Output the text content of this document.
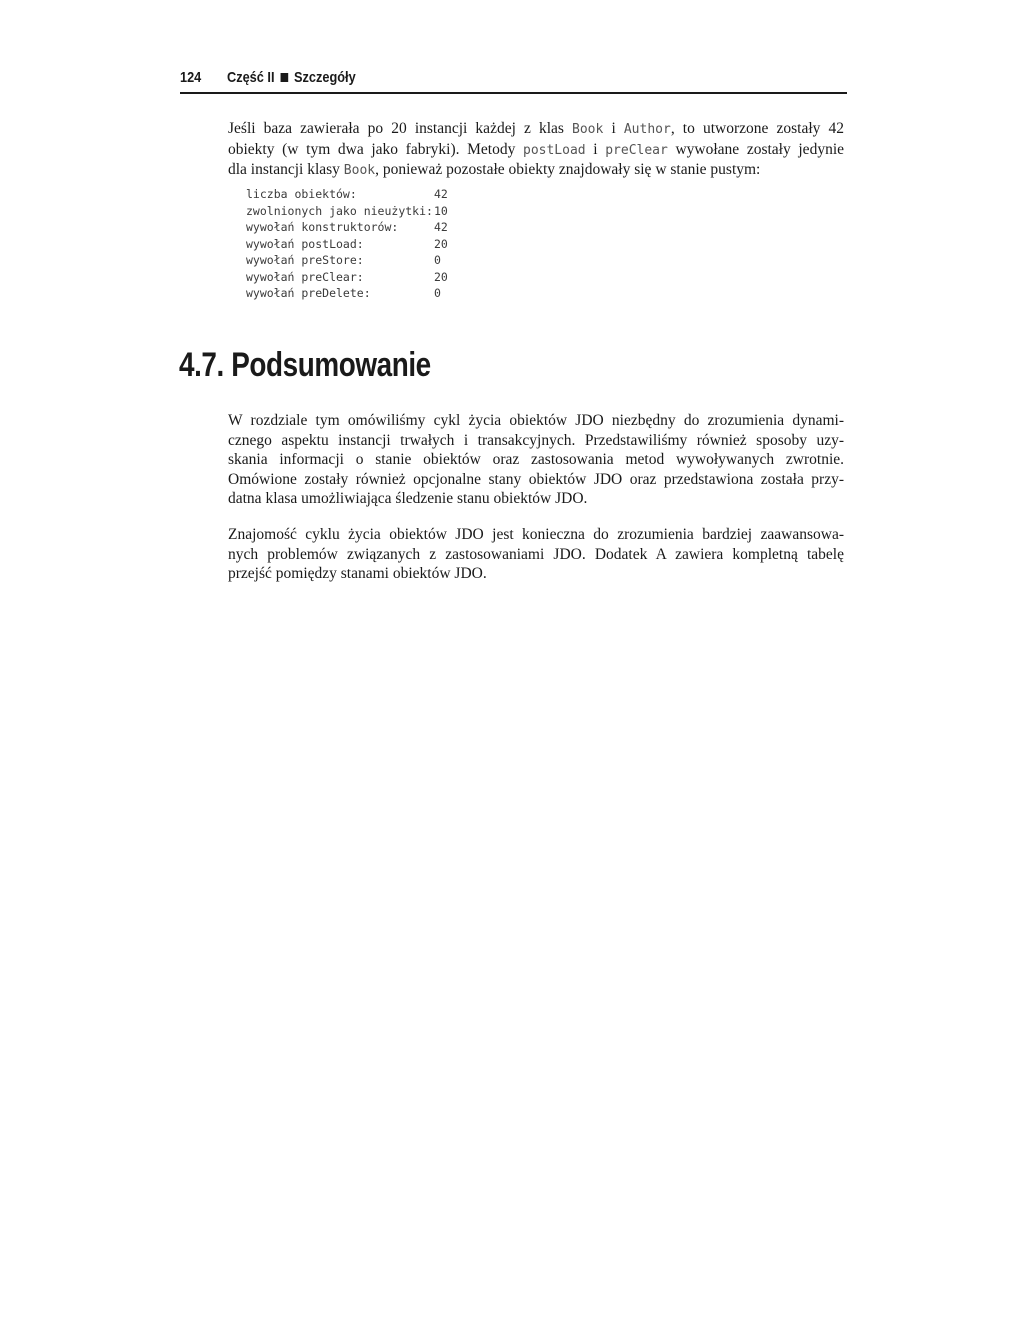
124	Część II Szczegóły
Jeśli baza zawierała po 20 instancji każdej z klas Book i Author, to utworzone zostały 42
obiekty (w tym dwa jako fabryki). Metody postLoad i preClear wywołane zostały jedynie
dla instancji klasy Book, ponieważ pozostałe obiekty znajdowały się w stanie pustym:
liczba obiektów:	42
zwolnionych jako nieużytki: 10
wywołań konstruktorów:	42
wywołań postLoad:	20
wywołań preStore:	0
wywołań preClear:	20
wywołań preDelete:	0
4.7. Podsumowanie
W rozdziale tym omówiliśmy cykl życia obiektów JDO niezbędny do zrozumienia dynami-
cznego aspektu instancji trwałych i transakcyjnych. Przedstawiliśmy również sposoby uzy-
skania informacji o stanie obiektów oraz zastosowania metod wywoływanych zwrotnie.
Omówione zostały również opcjonalne stany obiektów JDO oraz przedstawiona została przy-
datna klasa umożliwiająca śledzenie stanu obiektów JDO.
Znajomość cyklu życia obiektów JDO jest konieczna do zrozumienia bardziej zaawansowa-
nych problemów związanych z zastosowaniami JDO. Dodatek A zawiera kompletną tabelę
przejść pomiędzy stanami obiektów JDO.
